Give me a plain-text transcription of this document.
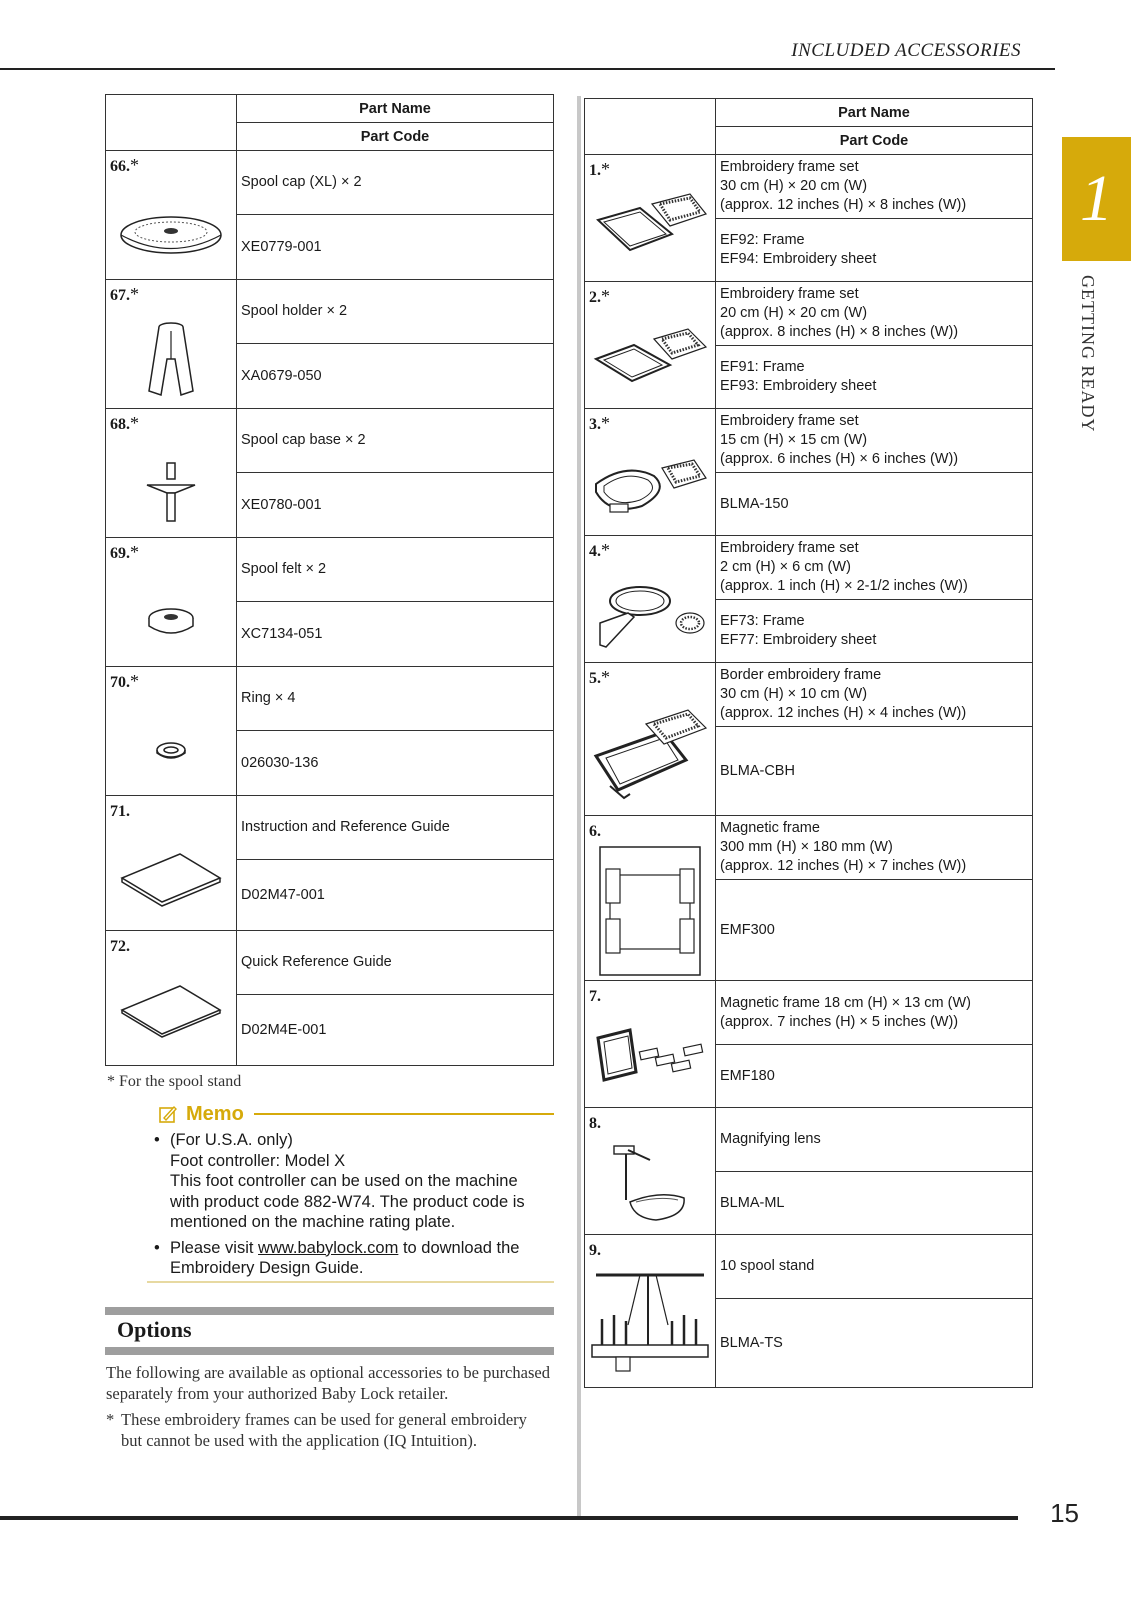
INCLUDED ACCESSORIES
1
GETTING READY
	Part Name
	Part Code

66.*	Spool cap (XL) × 2
	XE0779-001

67.*	Spool holder × 2
	XA0679-050

68.*	Spool cap base × 2
	XE0780-001

69.*	Spool felt × 2
	XC7134-051

70.*	Ring × 4
	026030-136

71.	Instruction and Reference Guide
	D02M47-001

72.	Quick Reference Guide
	D02M4E-001
* For the spool stand
Memo
• (For U.S.A. only)
Foot controller: Model X
This foot controller can be used on the machine with product code 882-W74. The product code is mentioned on the machine rating plate.
• Please visit www.babylock.com to download the Embroidery Design Guide.
Options
The following are available as optional accessories to be purchased separately from your authorized Baby Lock retailer.
* These embroidery frames can be used for general embroidery but cannot be used with the application (IQ Intuition).
	Part Name
	Part Code

1.*	Embroidery frame set
30 cm (H) × 20 cm (W)
(approx. 12 inches (H) × 8 inches (W))
	EF92: Frame
EF94: Embroidery sheet

2.*	Embroidery frame set
20 cm (H) × 20 cm (W)
(approx. 8 inches (H) × 8 inches (W))
	EF91: Frame
EF93: Embroidery sheet

3.*	Embroidery frame set
15 cm (H) × 15 cm (W)
(approx. 6 inches (H) × 6 inches (W))
	BLMA-150

4.*	Embroidery frame set
2 cm (H) × 6 cm (W)
(approx. 1 inch (H) × 2-1/2 inches (W))
	EF73: Frame
EF77: Embroidery sheet

5.*	Border embroidery frame
30 cm (H) × 10 cm (W)
(approx. 12 inches (H) × 4 inches (W))
	BLMA-CBH

6.	Magnetic frame
300 mm (H) × 180 mm (W)
(approx. 12 inches (H) × 7 inches (W))
	EMF300

7.	Magnetic frame 18 cm (H) × 13 cm (W)
(approx. 7 inches (H) × 5 inches (W))
	EMF180

8.	Magnifying lens
	BLMA-ML

9.	10 spool stand
	BLMA-TS
15
